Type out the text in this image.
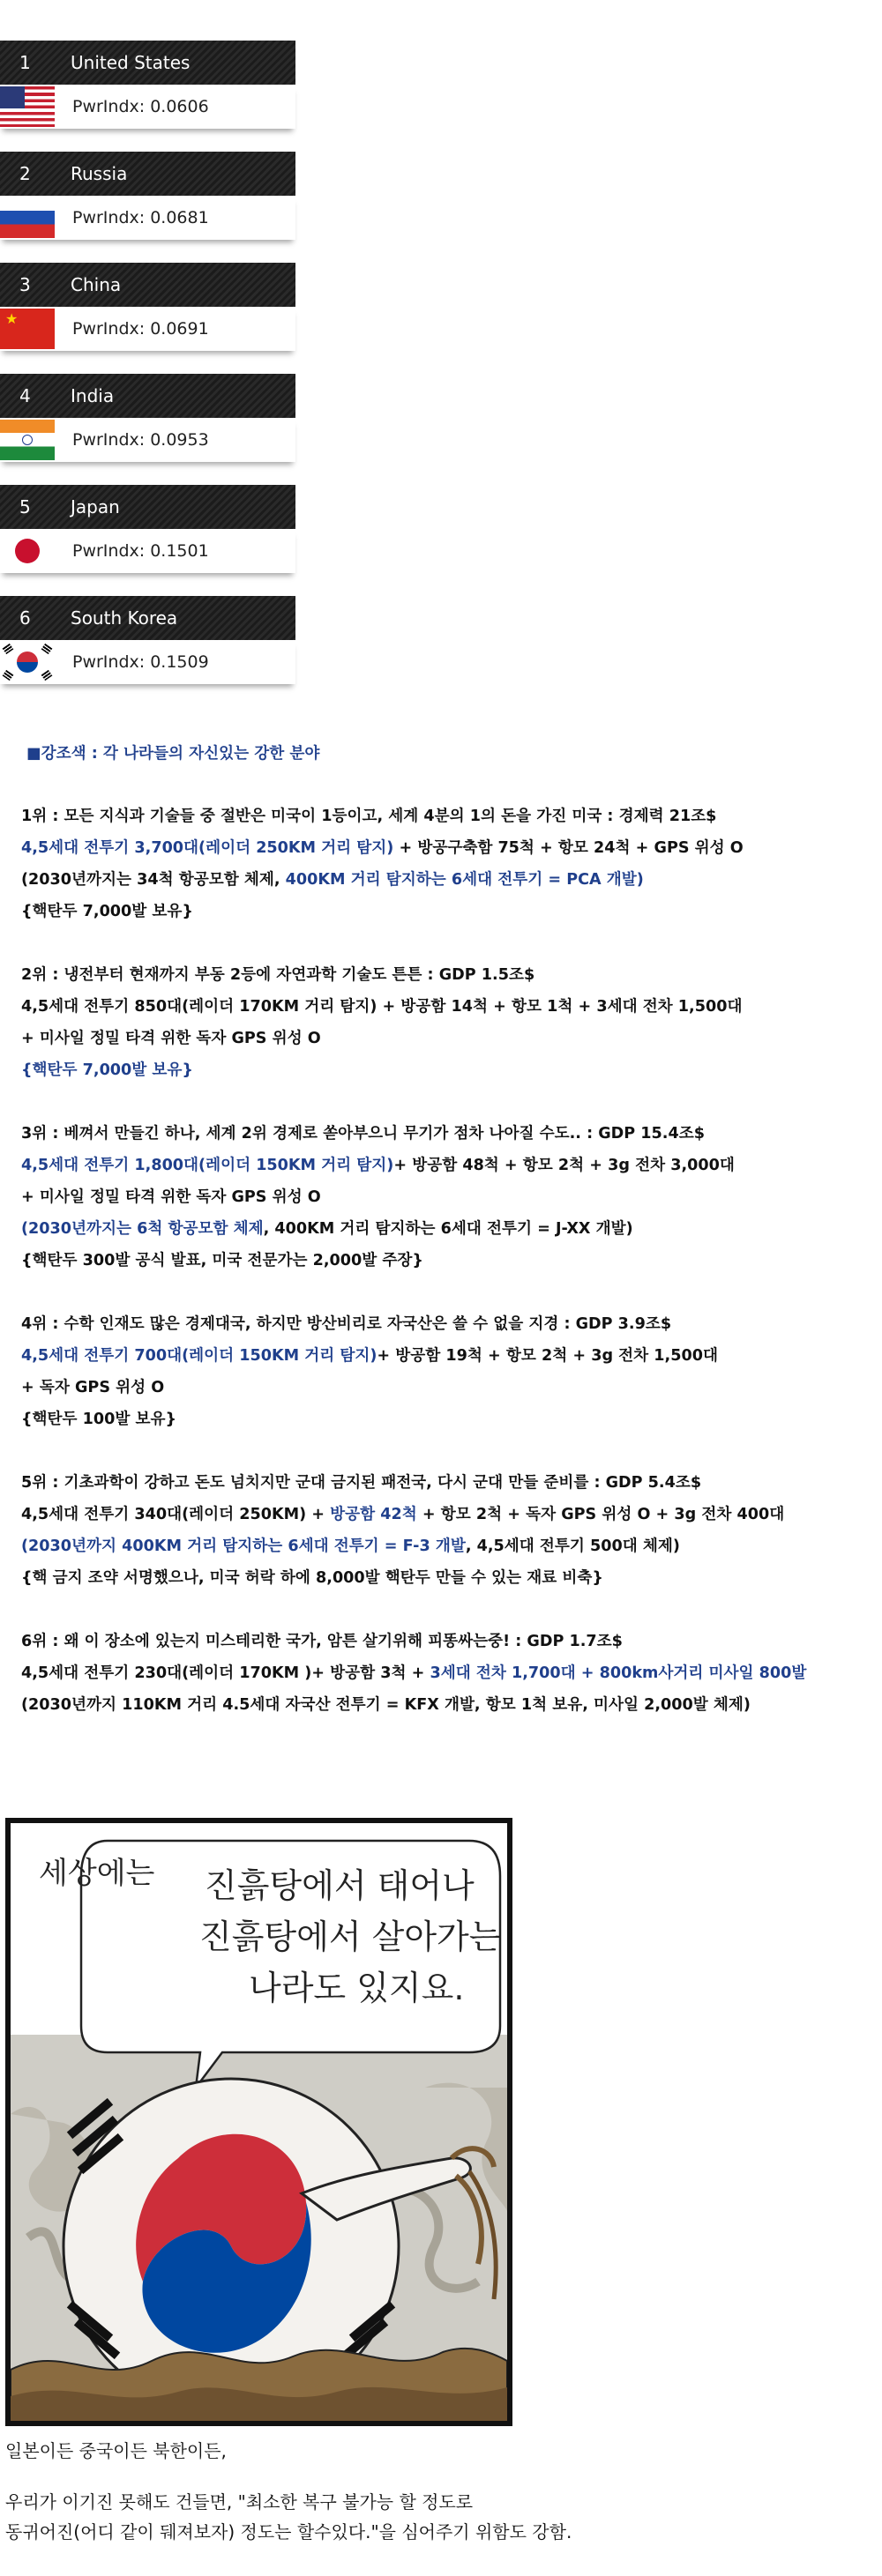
1	United States
PwrIndx: 0.0606
2	Russia
PwrIndx: 0.0681
3	China
★
PwrIndx: 0.0691
4	India
PwrIndx: 0.0953
5	Japan
PwrIndx: 0.1501
6	South Korea
PwrIndx: 0.1509
■강조색 : 각 나라들의 자신있는 강한 분야
1위 : 모든 지식과 기술들 중 절반은 미국이 1등이고, 세계 4분의 1의 돈을 가진 미국 : 경제력 21조$
4,5세대 전투기 3,700대(레이더 250KM 거리 탐지) + 방공구축함 75척 + 항모 24척 + GPS 위성 O
(2030년까지는 34척 항공모함 체제, 400KM 거리 탐지하는 6세대 전투기 = PCA 개발)
{핵탄두 7,000발 보유}
2위 : 냉전부터 현재까지 부동 2등에 자연과학 기술도 튼튼 : GDP 1.5조$
4,5세대 전투기 850대(레이더 170KM 거리 탐지) + 방공함 14척 + 항모 1척 + 3세대 전차 1,500대
+ 미사일 정밀 타격 위한 독자 GPS 위성 O
{핵탄두 7,000발 보유}
3위 : 베껴서 만들긴 하나, 세계 2위 경제로 쏟아부으니 무기가 점차 나아질 수도.. : GDP 15.4조$
4,5세대 전투기 1,800대(레이더 150KM 거리 탐지)+ 방공함 48척 + 항모 2척 + 3g 전차 3,000대
+ 미사일 정밀 타격 위한 독자 GPS 위성 O
(2030년까지는 6척 항공모함 체제, 400KM 거리 탐지하는 6세대 전투기 = J-XX 개발)
{핵탄두 300발 공식 발표, 미국 전문가는 2,000발 주장}
4위 : 수학 인재도 많은 경제대국, 하지만 방산비리로 자국산은 쓸 수 없을 지경 : GDP 3.9조$
4,5세대 전투기 700대(레이더 150KM 거리 탐지)+ 방공함 19척 + 항모 2척 + 3g 전차 1,500대
+ 독자 GPS 위성 O
{핵탄두 100발 보유}
5위 : 기초과학이 강하고 돈도 넘치지만 군대 금지된 패전국, 다시 군대 만들 준비를 : GDP 5.4조$
4,5세대 전투기 340대(레이더 250KM) + 방공함 42척 + 항모 2척 + 독자 GPS 위성 O + 3g 전차 400대
(2030년까지 400KM 거리 탐지하는 6세대 전투기 = F-3 개발, 4,5세대 전투기 500대 체제)
{핵 금지 조약 서명했으나, 미국 허락 하에 8,000발 핵탄두 만들 수 있는 재료 비축}
6위 : 왜 이 장소에 있는지 미스테리한 국가, 암튼 살기위해 피똥싸는중! : GDP 1.7조$
4,5세대 전투기 230대(레이더 170KM )+ 방공함 3척 + 3세대 전차 1,700대 + 800km사거리 미사일 800발
(2030년까지 110KM 거리 4.5세대 자국산 전투기 = KFX 개발, 항모 1척 보유, 미사일 2,000발 체제)
세상에는 진흙탕에서 태어나
진흙탕에서 살아가는
나라도 있지요.
일본이든 중국이든 북한이든,
우리가 이기진 못해도 건들면, "최소한 복구 불가능 할 정도로
동귀어진(어디 같이 뒈져보자) 정도는 할수있다."을 심어주기 위함도 강함.
